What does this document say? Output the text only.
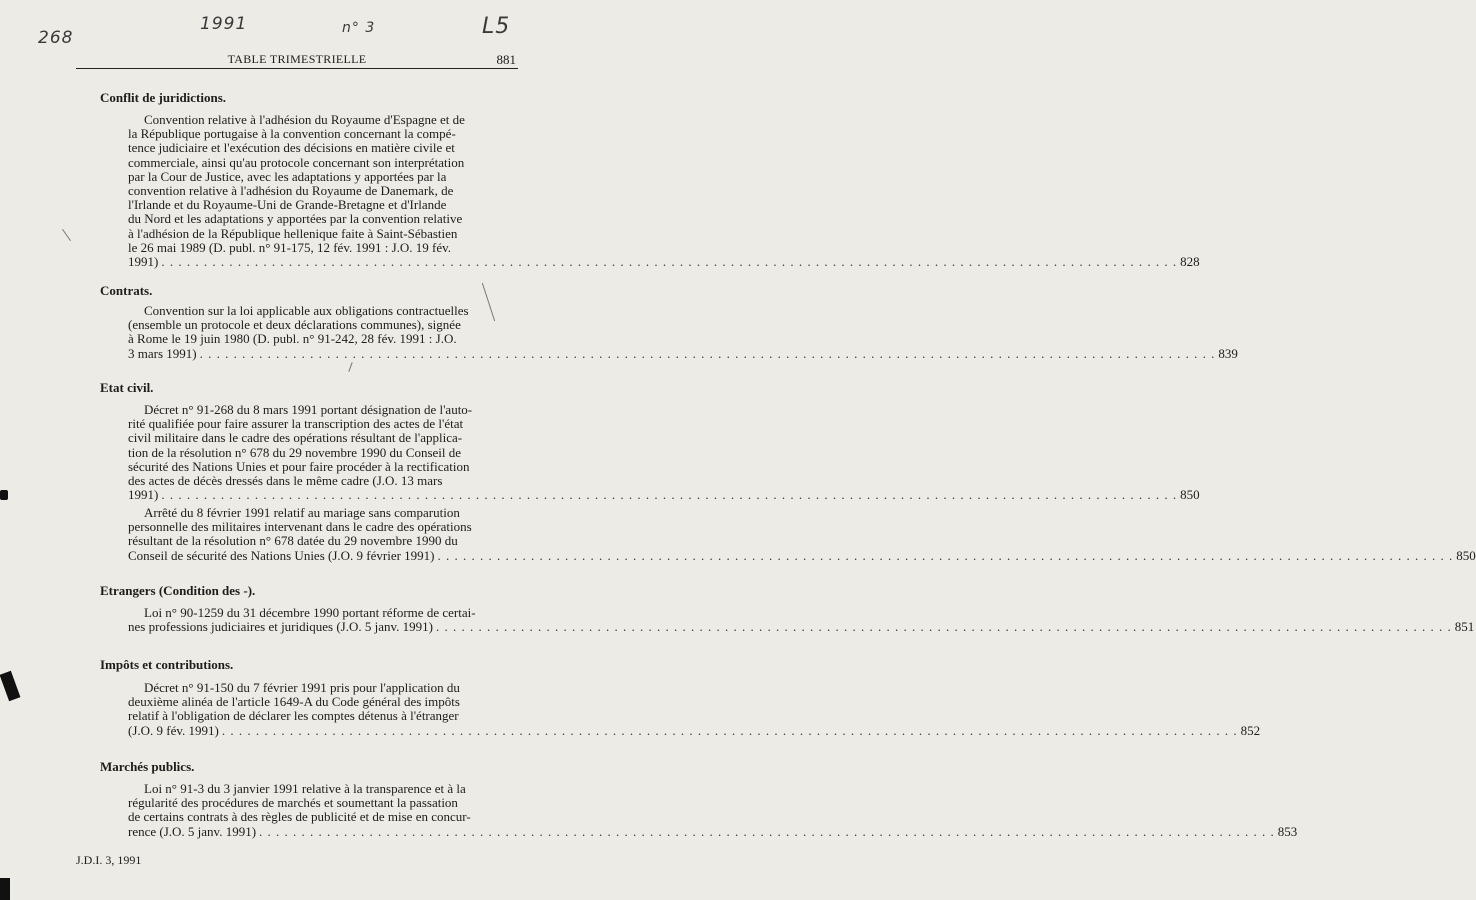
268
1991	n° 3	L5
TABLE TRIMESTRIELLE	881
Conflit de juridictions.
Convention relative à l'adhésion du Royaume d'Espagne et de
la République portugaise à la convention concernant la compé-
tence judiciaire et l'exécution des décisions en matière civile et
commerciale, ainsi qu'au protocole concernant son interprétation
par la Cour de Justice, avec les adaptations y apportées par la
convention relative à l'adhésion du Royaume de Danemark, de
l'Irlande et du Royaume-Uni de Grande-Bretagne et d'Irlande
du Nord et les adaptations y apportées par la convention relative
à l'adhésion de la République hellenique faite à Saint-Sébastien
le 26 mai 1989 (D. publ. n° 91-175, 12 fév. 1991 : J.O. 19 fév.
1991) . . . . . . . . . . . . . . . . . . . . . . . . . . . . . . . . . . . . . . . . . . . . . . . . . . . . . . . . . . . . . . . . . . . . . . . . . . . . . . . . . . . . . . . . . . . . . . . . . . . . . . . . . . . . . . . . . . . . . . . . 828
Contrats.
Convention sur la loi applicable aux obligations contractuelles
(ensemble un protocole et deux déclarations communes), signée
à Rome le 19 juin 1980 (D. publ. n° 91-242, 28 fév. 1991 : J.O.
3 mars 1991) . . . . . . . . . . . . . . . . . . . . . . . . . . . . . . . . . . . . . . . . . . . . . . . . . . . . . . . . . . . . . . . . . . . . . . . . . . . . . . . . . . . . . . . . . . . . . . . . . . . . . . . . . . . . . . . . . . . . . . . . 839
Etat civil.
Décret n° 91-268 du 8 mars 1991 portant désignation de l'auto-
rité qualifiée pour faire assurer la transcription des actes de l'état
civil militaire dans le cadre des opérations résultant de l'applica-
tion de la résolution n° 678 du 29 novembre 1990 du Conseil de
sécurité des Nations Unies et pour faire procéder à la rectification
des actes de décès dressés dans le même cadre (J.O. 13 mars
1991) . . . . . . . . . . . . . . . . . . . . . . . . . . . . . . . . . . . . . . . . . . . . . . . . . . . . . . . . . . . . . . . . . . . . . . . . . . . . . . . . . . . . . . . . . . . . . . . . . . . . . . . . . . . . . . . . . . . . . . . . 850
Arrêté du 8 février 1991 relatif au mariage sans comparution
personnelle des militaires intervenant dans le cadre des opérations
résultant de la résolution n° 678 datée du 29 novembre 1990 du
Conseil de sécurité des Nations Unies (J.O. 9 février 1991) . . . . . . . . . . . . . . . . . . . . . . . . . . . . . . . . . . . . . . . . . . . . . . . . . . . . . . . . . . . . . . . . . . . . . . . . . . . . . . . . . . . . . . . . . . . . . . . . . . . . . . . . . . . . . . . . . . . . . . . . 850
Etrangers (Condition des -).
Loi n° 90-1259 du 31 décembre 1990 portant réforme de certai-
nes professions judiciaires et juridiques (J.O. 5 janv. 1991) . . . . . . . . . . . . . . . . . . . . . . . . . . . . . . . . . . . . . . . . . . . . . . . . . . . . . . . . . . . . . . . . . . . . . . . . . . . . . . . . . . . . . . . . . . . . . . . . . . . . . . . . . . . . . . . . . . . . . . . . 851
Impôts et contributions.
Décret n° 91-150 du 7 février 1991 pris pour l'application du
deuxième alinéa de l'article 1649-A du Code général des impôts
relatif à l'obligation de déclarer les comptes détenus à l'étranger
(J.O. 9 fév. 1991) . . . . . . . . . . . . . . . . . . . . . . . . . . . . . . . . . . . . . . . . . . . . . . . . . . . . . . . . . . . . . . . . . . . . . . . . . . . . . . . . . . . . . . . . . . . . . . . . . . . . . . . . . . . . . . . . . . . . . . . . 852
Marchés publics.
Loi n° 91-3 du 3 janvier 1991 relative à la transparence et à la
régularité des procédures de marchés et soumettant la passation
de certains contrats à des règles de publicité et de mise en concur-
rence (J.O. 5 janv. 1991) . . . . . . . . . . . . . . . . . . . . . . . . . . . . . . . . . . . . . . . . . . . . . . . . . . . . . . . . . . . . . . . . . . . . . . . . . . . . . . . . . . . . . . . . . . . . . . . . . . . . . . . . . . . . . . . . . . . . . . . . 853
J.D.I. 3, 1991
